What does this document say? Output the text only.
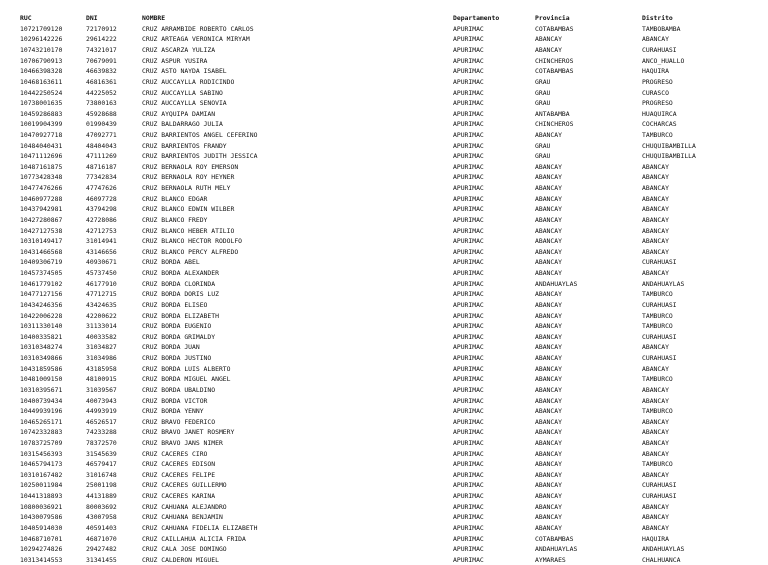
RUC	DNI	NOMBRE	Departamento	Provincia	Distrito
10721709120	72170912	CRUZ ARRAMBIDE ROBERTO CARLOS	APURIMAC	COTABAMBAS	TAMBOBAMBA
10296142226	29614222	CRUZ ARTEAGA VERONICA MIRYAM	APURIMAC	ABANCAY	ABANCAY
10743210170	74321017	CRUZ ASCARZA YULIZA	APURIMAC	ABANCAY	CURAHUASI
10706790913	70679091	CRUZ ASPUR YUSIRA	APURIMAC	CHINCHEROS	ANCO_HUALLO
10466398328	46639832	CRUZ ASTO NAYDA ISABEL	APURIMAC	COTABAMBAS	HAQUIRA
10468163611	46816361	CRUZ AUCCAYLLA RODICINDO	APURIMAC	GRAU	PROGRESO
10442250524	44225052	CRUZ AUCCAYLLA SABINO	APURIMAC	GRAU	CURASCO
10738001635	73800163	CRUZ AUCCAYLLA SENOVIA	APURIMAC	GRAU	PROGRESO
10459286883	45928688	CRUZ AYQUIPA DAMIAN	APURIMAC	ANTABAMBA	HUAQUIRCA
10019904399	01990439	CRUZ BALDARRAGO JULIA	APURIMAC	CHINCHEROS	COCHARCAS
10470927718	47092771	CRUZ BARRIENTOS ANGEL CEFERINO	APURIMAC	ABANCAY	TAMBURCO
10484040431	48404043	CRUZ BARRIENTOS FRANDY	APURIMAC	GRAU	CHUQUIBAMBILLA
10471112696	47111269	CRUZ BARRIENTOS JUDITH JESSICA	APURIMAC	GRAU	CHUQUIBAMBILLA
10487161875	48716187	CRUZ BERNAOLA ROY EMERSON	APURIMAC	ABANCAY	ABANCAY
10773428348	77342834	CRUZ BERNAOLA ROY HEYNER	APURIMAC	ABANCAY	ABANCAY
10477476266	47747626	CRUZ BERNAOLA RUTH MELY	APURIMAC	ABANCAY	ABANCAY
10460977288	46097728	CRUZ BLANCO EDGAR	APURIMAC	ABANCAY	ABANCAY
10437942981	43794298	CRUZ BLANCO EDWIN WILBER	APURIMAC	ABANCAY	ABANCAY
10427280867	42728086	CRUZ BLANCO FREDY	APURIMAC	ABANCAY	ABANCAY
10427127538	42712753	CRUZ BLANCO HEBER ATILIO	APURIMAC	ABANCAY	ABANCAY
10310149417	31014941	CRUZ BLANCO HECTOR RODOLFO	APURIMAC	ABANCAY	ABANCAY
10431466568	43146656	CRUZ BLANCO PERCY ALFREDO	APURIMAC	ABANCAY	ABANCAY
10409306719	40930671	CRUZ BORDA ABEL	APURIMAC	ABANCAY	CURAHUASI
10457374505	45737450	CRUZ BORDA ALEXANDER	APURIMAC	ABANCAY	ABANCAY
10461779102	46177910	CRUZ BORDA CLORINDA	APURIMAC	ANDAHUAYLAS	ANDAHUAYLAS
10477127156	47712715	CRUZ BORDA DORIS LUZ	APURIMAC	ABANCAY	TAMBURCO
10434246356	43424635	CRUZ BORDA ELISEO	APURIMAC	ABANCAY	CURAHUASI
10422006228	42200622	CRUZ BORDA ELIZABETH	APURIMAC	ABANCAY	TAMBURCO
10311330140	31133014	CRUZ BORDA EUGENIO	APURIMAC	ABANCAY	TAMBURCO
10400335821	40033582	CRUZ BORDA GRIMALDY	APURIMAC	ABANCAY	CURAHUASI
10310348274	31034827	CRUZ BORDA JUAN	APURIMAC	ABANCAY	ABANCAY
10310349866	31034986	CRUZ BORDA JUSTINO	APURIMAC	ABANCAY	CURAHUASI
10431859586	43185958	CRUZ BORDA LUIS ALBERTO	APURIMAC	ABANCAY	ABANCAY
10481009150	48100915	CRUZ BORDA MIGUEL ANGEL	APURIMAC	ABANCAY	TAMBURCO
10310395671	31039567	CRUZ BORDA UBALDINO	APURIMAC	ABANCAY	ABANCAY
10400739434	40073943	CRUZ BORDA VICTOR	APURIMAC	ABANCAY	ABANCAY
10449939196	44993919	CRUZ BORDA YENNY	APURIMAC	ABANCAY	TAMBURCO
10465265171	46526517	CRUZ BRAVO FEDERICO	APURIMAC	ABANCAY	ABANCAY
10742332883	74233288	CRUZ BRAVO JANET ROSMERY	APURIMAC	ABANCAY	ABANCAY
10783725709	78372570	CRUZ BRAVO JANS NIMER	APURIMAC	ABANCAY	ABANCAY
10315456393	31545639	CRUZ CACERES CIRO	APURIMAC	ABANCAY	ABANCAY
10465794173	46579417	CRUZ CACERES EDISON	APURIMAC	ABANCAY	TAMBURCO
10310167482	31016748	CRUZ CACERES FELIPE	APURIMAC	ABANCAY	ABANCAY
10250011984	25001198	CRUZ CACERES GUILLERMO	APURIMAC	ABANCAY	CURAHUASI
10441318893	44131889	CRUZ CACERES KARINA	APURIMAC	ABANCAY	CURAHUASI
10800036921	80003692	CRUZ CAHUANA ALEJANDRO	APURIMAC	ABANCAY	ABANCAY
10430079586	43007958	CRUZ CAHUANA BENJAMIN	APURIMAC	ABANCAY	ABANCAY
10405914030	40591403	CRUZ CAHUANA FIDELIA ELIZABETH	APURIMAC	ABANCAY	ABANCAY
10468710701	46871070	CRUZ CAILLAHUA ALICIA FRIDA	APURIMAC	COTABAMBAS	HAQUIRA
10294274826	29427482	CRUZ CALA JOSE DOMINGO	APURIMAC	ANDAHUAYLAS	ANDAHUAYLAS
10313414553	31341455	CRUZ CALDERON MIGUEL	APURIMAC	AYMARAES	CHALHUANCA
